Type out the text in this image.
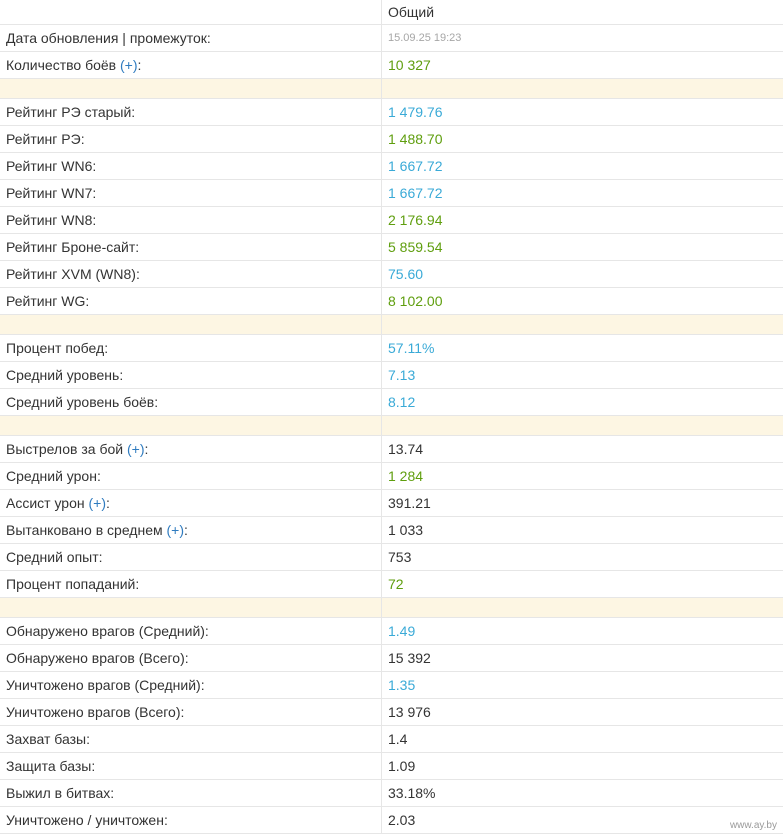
	Общий
Дата обновления | промежуток:	15.09.25 19:23
Количество боёв (+):	10 327

Рейтинг РЭ старый:	1 479.76
Рейтинг РЭ:	1 488.70
Рейтинг WN6:	1 667.72
Рейтинг WN7:	1 667.72
Рейтинг WN8:	2 176.94
Рейтинг Броне-сайт:	5 859.54
Рейтинг XVM (WN8):	75.60
Рейтинг WG:	8 102.00

Процент побед:	57.11%
Средний уровень:	7.13
Средний уровень боёв:	8.12

Выстрелов за бой (+):	13.74
Средний урон:	1 284
Ассист урон (+):	391.21
Вытанковано в среднем (+):	1 033
Средний опыт:	753
Процент попаданий:	72

Обнаружено врагов (Средний):	1.49
Обнаружено врагов (Всего):	15 392
Уничтожено врагов (Средний):	1.35
Уничтожено врагов (Всего):	13 976
Захват базы:	1.4
Защита базы:	1.09
Выжил в битвах:	33.18%
Уничтожено / уничтожен:	2.03	www.ay.by
